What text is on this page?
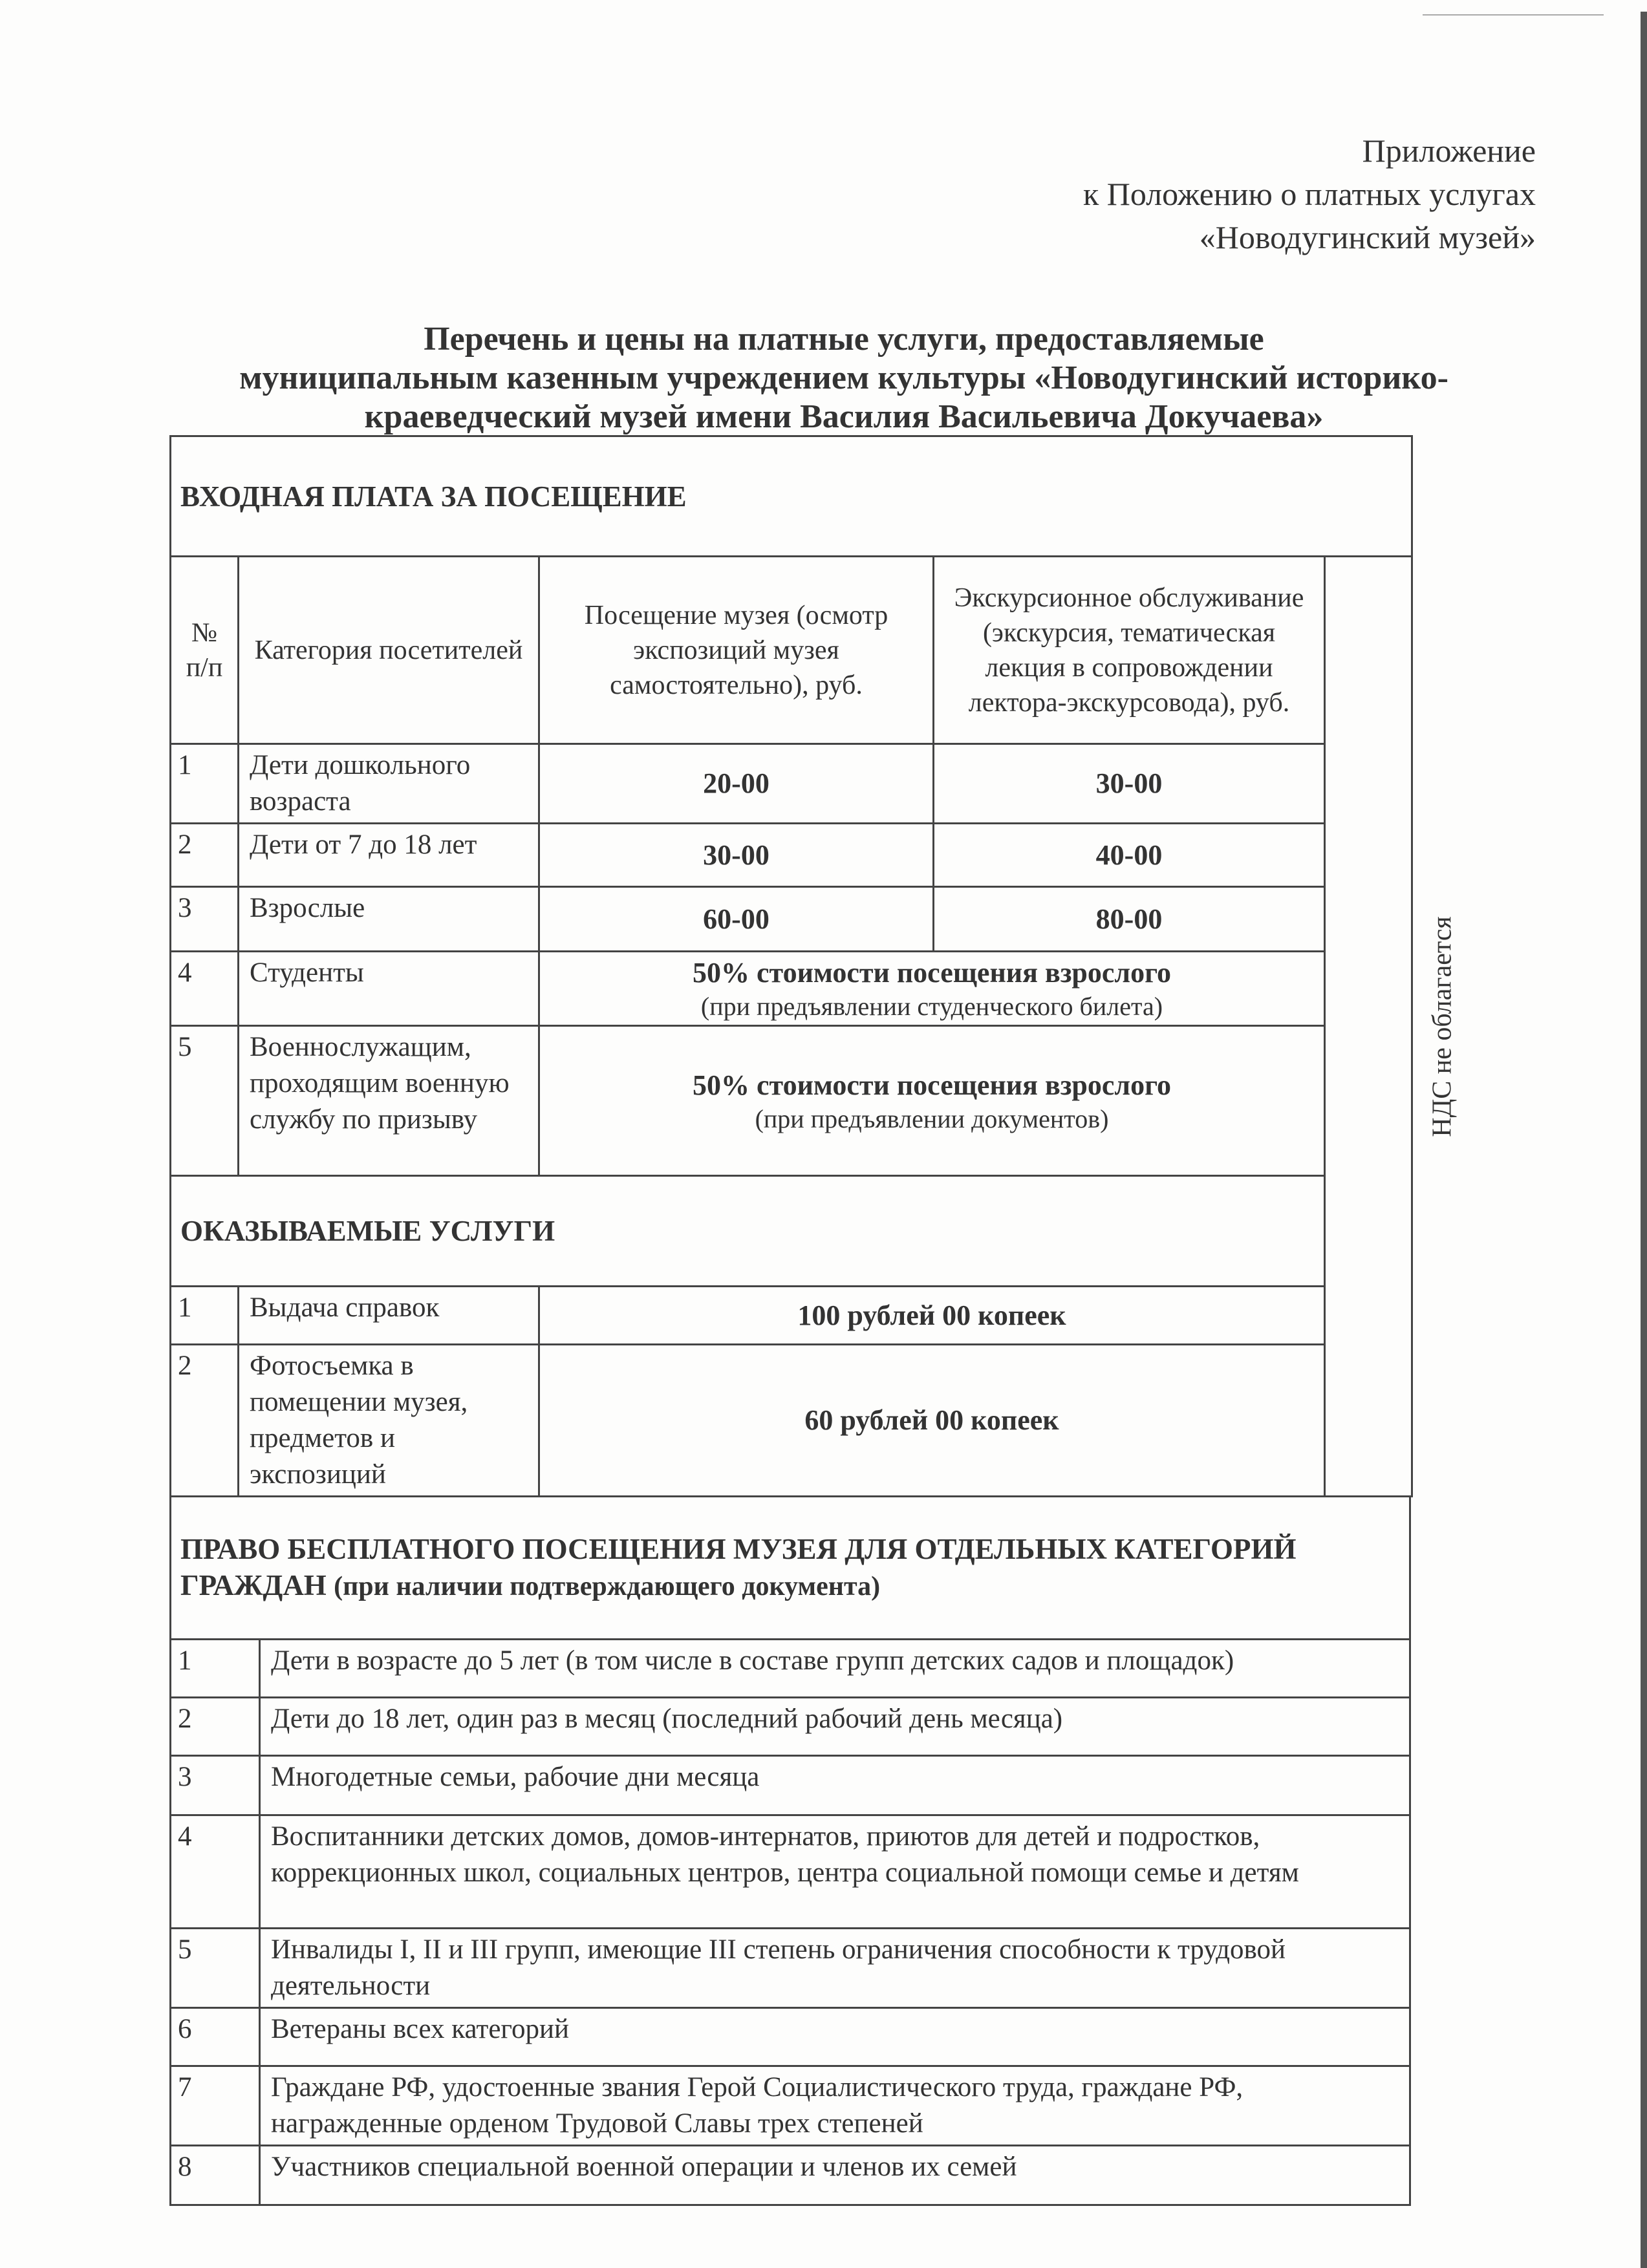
Приложение
к Положению о платных услугах
«Новодугинский музей»
Перечень и цены на платные услуги, предоставляемые
муниципальным казенным учреждением культуры «Новодугинский историко-
краеведческий музей имени Василия Васильевича Докучаева»
ВХОДНАЯ ПЛАТА ЗА ПОСЕЩЕНИЕ				
№ п/п	Категория посетителей	Посещение музея (осмотр экспозиций музея самостоятельно), руб.	Экскурсионное обслуживание (экскурсия, тематическая лекция в сопровождении лектора-экскурсовода), руб.	НДС не облагается
1	Дети дошкольного возраста	20-00	30-00	
2	Дети от 7 до 18 лет	30-00	40-00	
3	Взрослые	60-00	80-00	
4	Студенты	50% стоимости посещения взрослого
(при предъявлении студенческого билета)		

5	Военнослужащим, проходящим военную службу по призыву	50% стоимости посещения взрослого
(при предъявлении документов)		

ОКАЗЫВАЕМЫЕ УСЛУГИ				
1	Выдача справок	100 рублей 00 копеек		
2	Фотосъемка в помещении музея, предметов и экспозиций	60 рублей 00 копеек		
ПРАВО БЕСПЛАТНОГО ПОСЕЩЕНИЯ МУЗЕЯ ДЛЯ ОТДЕЛЬНЫХ КАТЕГОРИЙ ГРАЖДАН (при наличии подтверждающего документа)	
1	Дети в возрасте до 5 лет (в том числе в составе групп детских садов и площадок)
2	Дети до 18 лет, один раз в месяц (последний рабочий день месяца)
3	Многодетные семьи, рабочие дни месяца
4	Воспитанники детских домов, домов-интернатов, приютов для детей и подростков, коррекционных школ, социальных центров, центра социальной помощи семье и детям
5	Инвалиды I, II и III групп, имеющие III степень ограничения способности к трудовой деятельности
6	Ветераны всех категорий
7	Граждане РФ, удостоенные звания Герой Социалистического труда, граждане РФ, награжденные орденом Трудовой Славы трех степеней
8	Участников специальной военной операции и членов их семей
